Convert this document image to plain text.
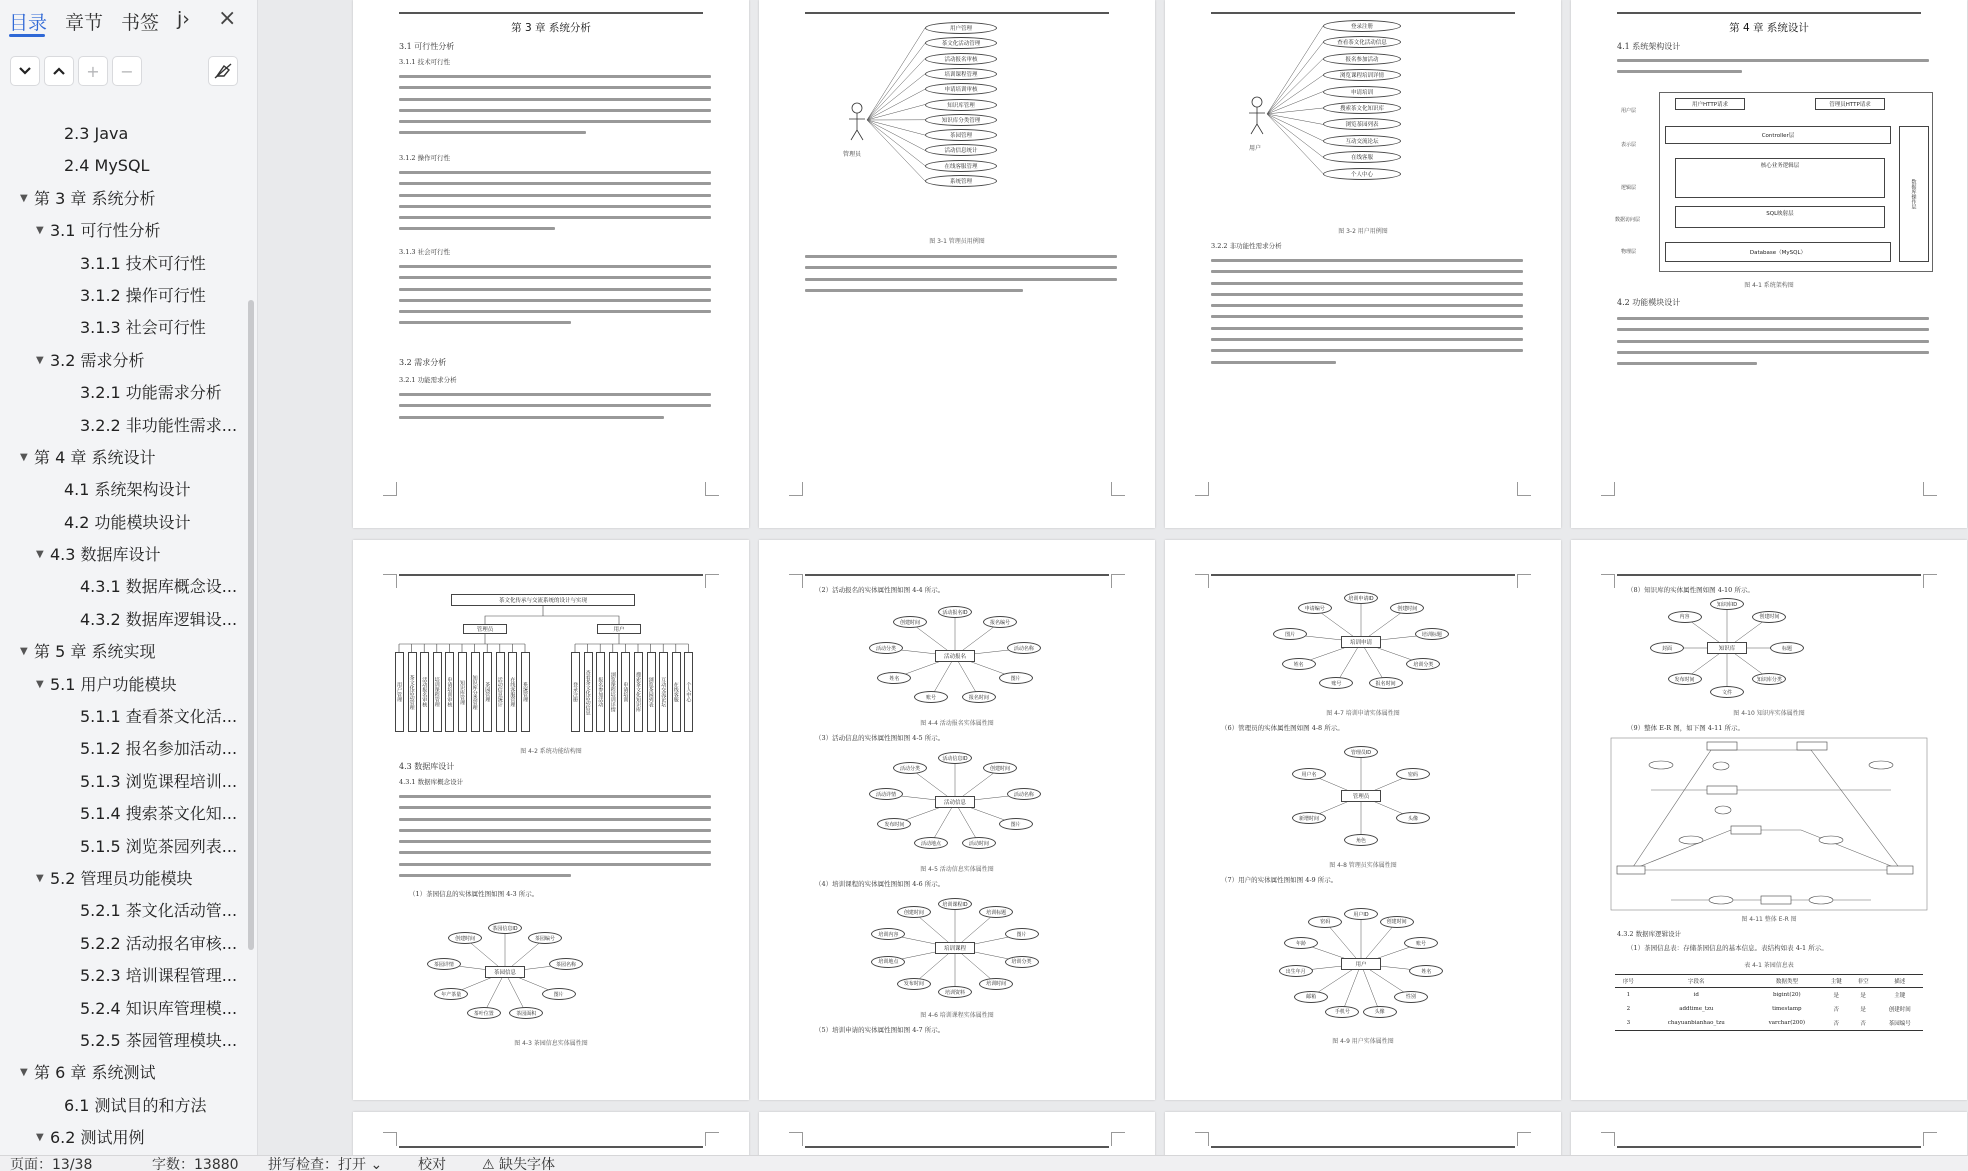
目录 章节 书签 j› ×
+	−
2.3 Java
2.4 MySQL
▼ 第 3 章 系统分析
▼ 3.1 可行性分析
3.1.1 技术可行性
3.1.2 操作可行性
3.1.3 社会可行性
▼ 3.2 需求分析
3.2.1 功能需求分析
3.2.2 非功能性需求...
▼ 第 4 章 系统设计
4.1 系统架构设计
4.2 功能模块设计
▼ 4.3 数据库设计
4.3.1 数据库概念设...
4.3.2 数据库逻辑设...
▼ 第 5 章 系统实现
▼ 5.1 用户功能模块
5.1.1 查看茶文化活...
5.1.2 报名参加活动...
5.1.3 浏览课程培训...
5.1.4 搜索茶文化知...
5.1.5 浏览茶园列表...
▼ 5.2 管理员功能模块
5.2.1 茶文化活动管...
5.2.2 活动报名审核...
5.2.3 培训课程管理...
5.2.4 知识库管理模...
5.2.5 茶园管理模块...
▼ 第 6 章 系统测试
6.1 测试目的和方法
▼ 6.2 测试用例
第 3 章 系统分析
3.1 可行性分析
3.1.1 技术可行性
3.1.2 操作可行性
3.1.3 社会可行性
3.2 需求分析
3.2.1 功能需求分析
用户管理
茶文化活动管理
活动报名审核
培训课程管理
申请培训审核
知识库管理
知识库分类管理
茶园管理
活动信息统计
在线客服管理
系统管理
管理员
图 3-1 管理员用例图
登录注册
查看茶文化活动信息
报名参加活动
浏览课程培训详情
申请培训
搜索茶文化知识库
浏览茶园列表
互动交流论坛
在线客服
个人中心
用户
图 3-2 用户用例图
3.2.2 非功能性需求分析
第 4 章 系统设计
4.1 系统架构设计
用户HTTP请求	管理员HTTP请求
Controller层
核心业务逻辑层
SQL映射层
Database（MySQL）
数据库操作层
用户层
表示层
逻辑层
数据访问层
物理层
图 4-1 系统架构图
4.2 功能模块设计
茶文化传承与交流系统的设计与实现
管理员	用户
用户管理	茶文化活动管理	活动报名审核	培训课程管理	申请培训审核	知识库管理	知识库分类管理	茶园管理	活动信息统计	在线客服管理	系统管理	登录注册	查看茶文化活动信息	报名参加活动	浏览课程培训详情	申请培训	搜索茶文化知识库	浏览茶园列表	互动交流论坛	在线客服	个人中心
图 4-2 系统功能结构图
4.3 数据库设计
4.3.1 数据库概念设计
（1）茶园信息的实体属性图如图 4-3 所示。
茶园信息ID
茶园编号
茶园名称
图片
茶园面积
茶叶位置
年产茶量
茶园详情
创建时间
茶园信息
图 4-3 茶园信息实体属性图
（2）活动报名的实体属性图如图 4-4 所示。
活动报名ID
报名编号
活动名称
图片
报名时间
账号
姓名
活动分类
创建时间
活动报名
活动信息ID
创建时间
活动名称
图片
活动时间
活动地点
发布时间
活动详情
活动分类
活动信息
培训课程ID
培训标题
图片
培训分类
培训时间
培训资料
发布时间
培训地点
培训内容
创建时间
培训课程
图 4-4 活动报名实体属性图
（3）活动信息的实体属性图如图 4-5 所示。
图 4-5 活动信息实体属性图
（4）培训课程的实体属性图如图 4-6 所示。
图 4-6 培训课程实体属性图
（5）培训申请的实体属性图如图 4-7 所示。
培训申请ID
创建时间
培训标题
培训分类
报名时间
账号
姓名
图片
申请编号
培训申请
管理员ID
密码
头像
角色
新增时间
用户名
管理员
用户ID
创建时间
账号
姓名
性别
头像
手机号
邮箱
出生年月
年龄
密码
用户
图 4-7 培训申请实体属性图
（6）管理员的实体属性图如图 4-8 所示。
图 4-8 管理员实体属性图
（7）用户的实体属性图如图 4-9 所示。
图 4-9 用户实体属性图
（8）知识库的实体属性图如图 4-10 所示。
知识库ID
创建时间
标题
知识库分类
文件
发布时间
封面
内容
知识库
图 4-10 知识库实体属性图
（9）整体 E-R 图，如下图 4-11 所示。
图 4-11 整体 E-R 图
4.3.2 数据库逻辑设计
（1）茶园信息表：存储茶园信息的基本信息。表结构如表 4-1 所示。
表 4-1 茶园信息表
序号	字段名	数据类型	主键	非空	描述
1	id	bigint(20)	是	是	主键
2	addtime_tzu	timestamp	否	是	创建时间
3	chayuanbianhao_tzu	varchar(200)	否	否	茶园编号
页面：13/38	字数：13880 拼写检查：打开 ⌄	校对	⚠ 缺失字体
